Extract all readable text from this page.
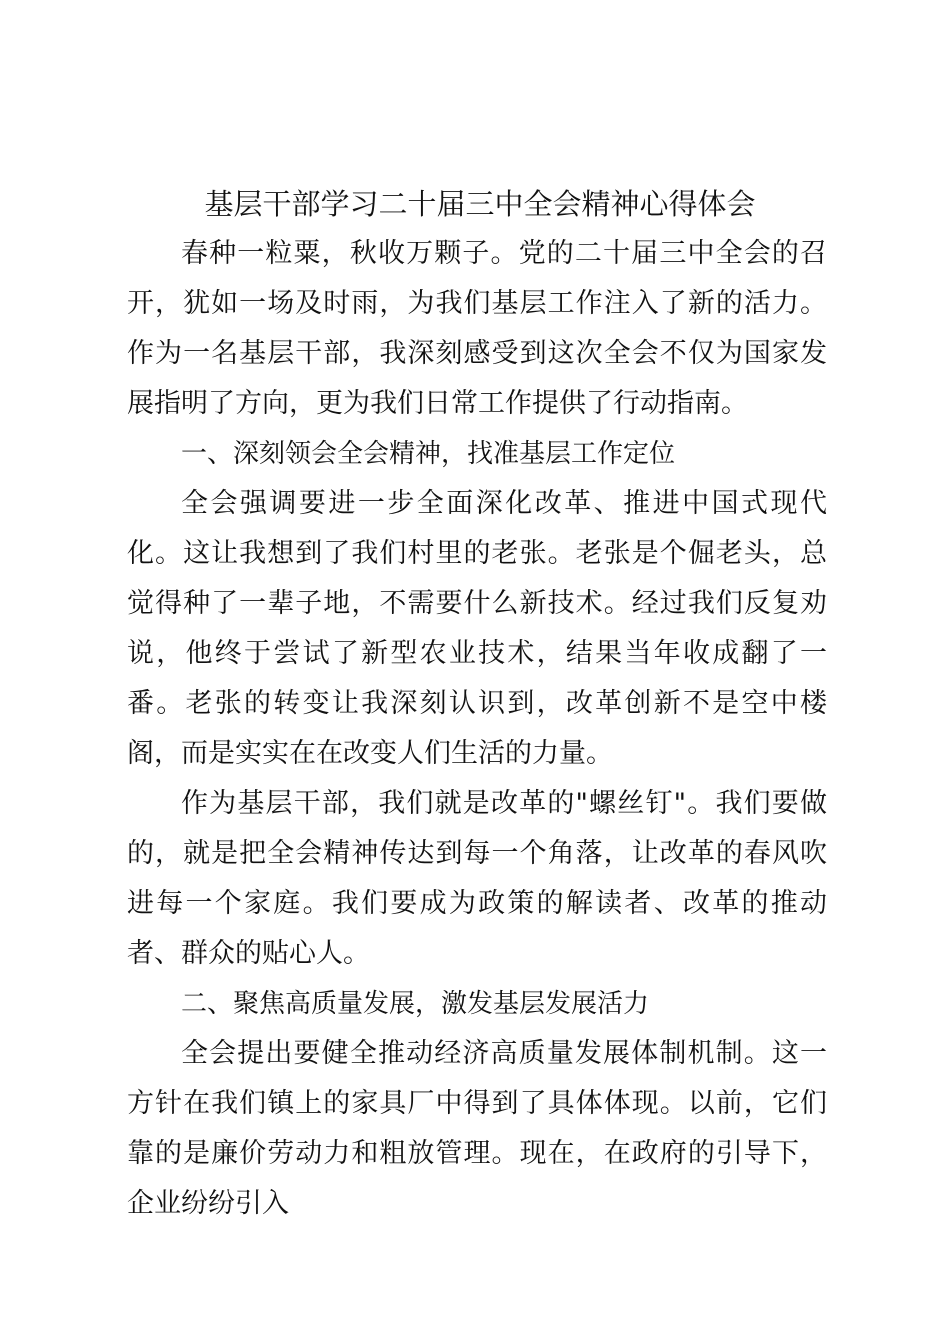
基层干部学习二十届三中全会精神心得体会

春种一粒粟，秋收万颗子。党的二十届三中全会的召开，犹如一场及时雨，为我们基层工作注入了新的活力。作为一名基层干部，我深刻感受到这次全会不仅为国家发展指明了方向，更为我们日常工作提供了行动指南。

一、深刻领会全会精神，找准基层工作定位

全会强调要进一步全面深化改革、推进中国式现代化。这让我想到了我们村里的老张。老张是个倔老头，总觉得种了一辈子地，不需要什么新技术。经过我们反复劝说，他终于尝试了新型农业技术，结果当年收成翻了一番。老张的转变让我深刻认识到，改革创新不是空中楼阁，而是实实在在改变人们生活的力量。

作为基层干部，我们就是改革的"螺丝钉"。我们要做的，就是把全会精神传达到每一个角落，让改革的春风吹进每一个家庭。我们要成为政策的解读者、改革的推动者、群众的贴心人。

二、聚焦高质量发展，激发基层发展活力

全会提出要健全推动经济高质量发展体制机制。这一方针在我们镇上的家具厂中得到了具体体现。以前，它们靠的是廉价劳动力和粗放管理。现在，在政府的引导下，企业纷纷引入
